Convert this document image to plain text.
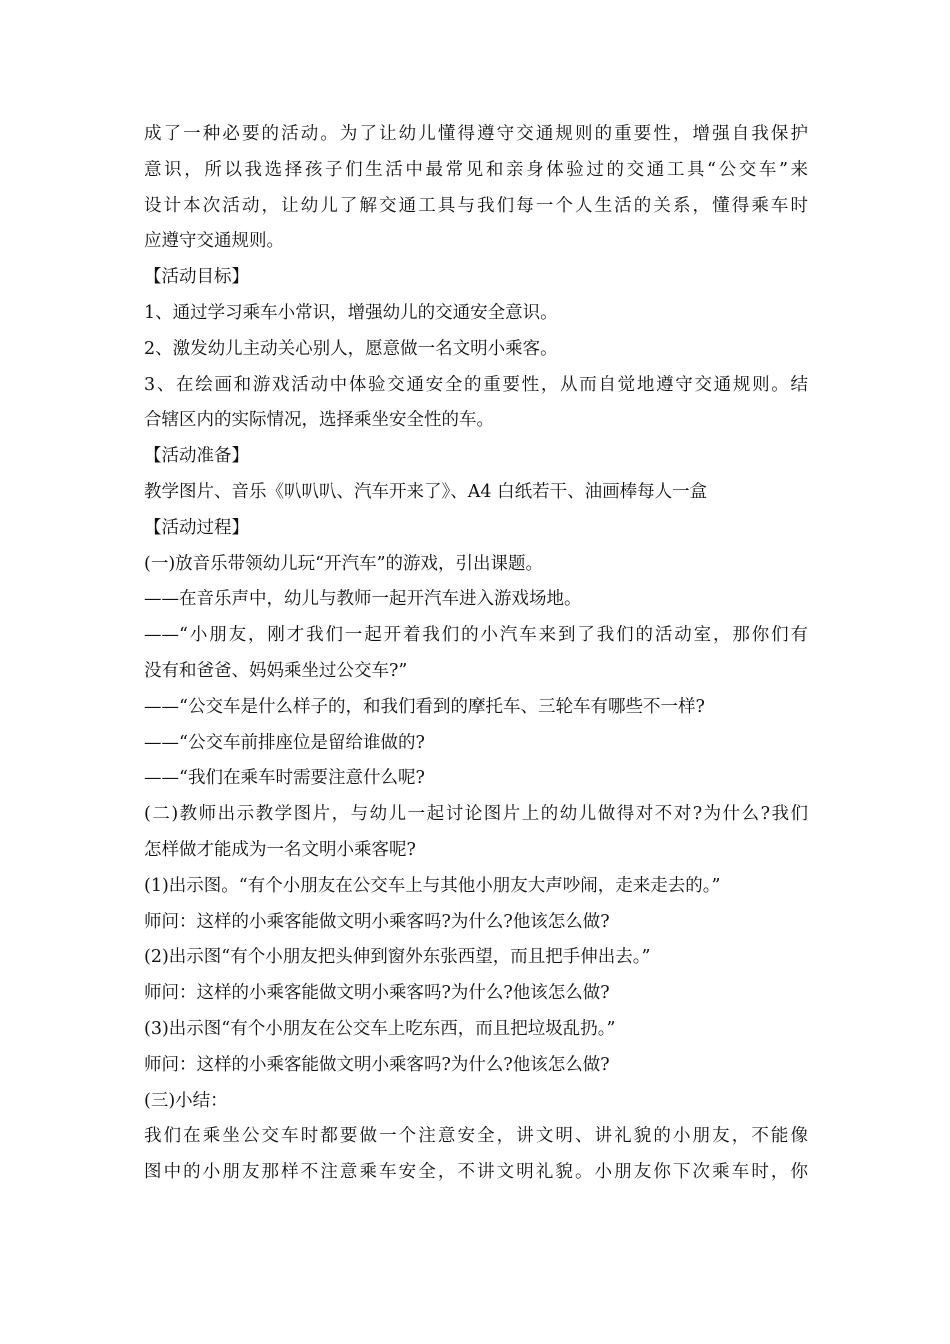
成了一种必要的活动。为了让幼儿懂得遵守交通规则的重要性，增强自我保护
意识，所以我选择孩子们生活中最常见和亲身体验过的交通工具“公交车”来
设计本次活动，让幼儿了解交通工具与我们每一个人生活的关系，懂得乘车时
应遵守交通规则。
【活动目标】
1、通过学习乘车小常识，增强幼儿的交通安全意识。
2、激发幼儿主动关心别人，愿意做一名文明小乘客。
3、在绘画和游戏活动中体验交通安全的重要性，从而自觉地遵守交通规则。结
合辖区内的实际情况，选择乘坐安全性的车。
【活动准备】
教学图片、音乐《叭叭叭、汽车开来了》、A4 白纸若干、油画棒每人一盒
【活动过程】
(一)放音乐带领幼儿玩“开汽车”的游戏，引出课题。
——在音乐声中，幼儿与教师一起开汽车进入游戏场地。
——“小朋友，刚才我们一起开着我们的小汽车来到了我们的活动室，那你们有
没有和爸爸、妈妈乘坐过公交车?”
——“公交车是什么样子的，和我们看到的摩托车、三轮车有哪些不一样?
——“公交车前排座位是留给谁做的?
——“我们在乘车时需要注意什么呢?
(二)教师出示教学图片，与幼儿一起讨论图片上的幼儿做得对不对?为什么?我们
怎样做才能成为一名文明小乘客呢?
(1)出示图。“有个小朋友在公交车上与其他小朋友大声吵闹，走来走去的。”
师问：这样的小乘客能做文明小乘客吗?为什么?他该怎么做?
(2)出示图“有个小朋友把头伸到窗外东张西望，而且把手伸出去。”
师问：这样的小乘客能做文明小乘客吗?为什么?他该怎么做?
(3)出示图“有个小朋友在公交车上吃东西，而且把垃圾乱扔。”
师问：这样的小乘客能做文明小乘客吗?为什么?他该怎么做?
(三)小结：
我们在乘坐公交车时都要做一个注意安全，讲文明、讲礼貌的小朋友，不能像
图中的小朋友那样不注意乘车安全，不讲文明礼貌。小朋友你下次乘车时，你
